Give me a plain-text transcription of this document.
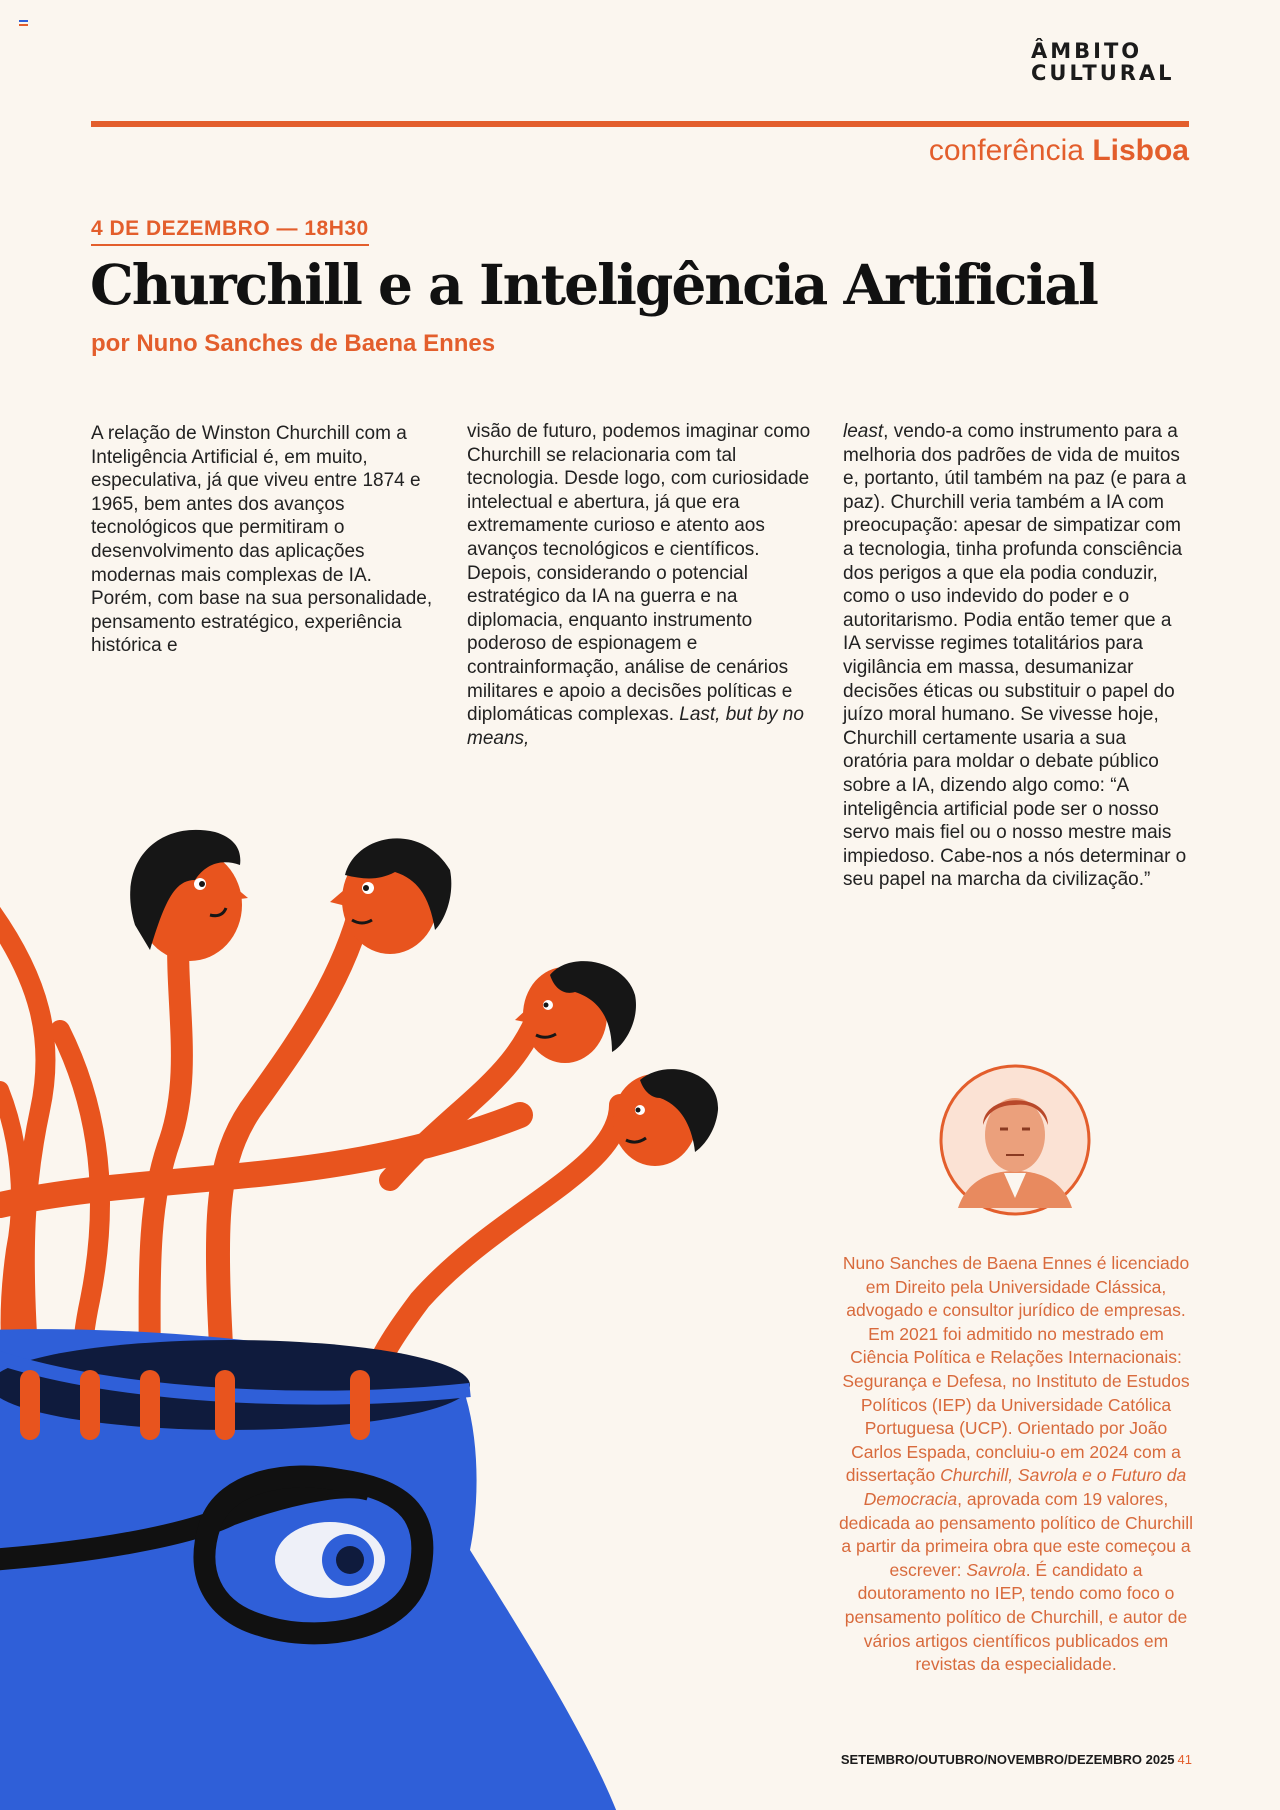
ÂMBITO
CULTURAL
conferência Lisboa
4 DE DEZEMBRO — 18H30
Churchill e a Inteligência Artificial
por Nuno Sanches de Baena Ennes
A relação de Winston Churchill com a Inteligência Artificial é, em muito, especulativa, já que viveu entre 1874 e 1965, bem antes dos avanços tecnológicos que permitiram o desenvolvimento das aplicações modernas mais complexas de IA. Porém, com base na sua personalidade, pensamento estratégico, experiência histórica e
visão de futuro, podemos imaginar como Churchill se relacionaria com tal tecnologia. Desde logo, com curiosidade intelectual e abertura, já que era extremamente curioso e atento aos avanços tecnológicos e científicos. Depois, considerando o potencial estratégico da IA na guerra e na diplomacia, enquanto instrumento poderoso de espionagem e contrainformação, análise de cenários militares e apoio a decisões políticas e diplomáticas complexas. Last, but by no means,
least, vendo-a como instrumento para a melhoria dos padrões de vida de muitos e, portanto, útil também na paz (e para a paz). Churchill veria também a IA com preocupação: apesar de simpatizar com a tecnologia, tinha profunda consciência dos perigos a que ela podia conduzir, como o uso indevido do poder e o autoritarismo. Podia então temer que a IA servisse regimes totalitários para vigilância em massa, desumanizar decisões éticas ou substituir o papel do juízo moral humano. Se vivesse hoje, Churchill certamente usaria a sua oratória para moldar o debate público sobre a IA, dizendo algo como: “A inteligência artificial pode ser o nosso servo mais fiel ou o nosso mestre mais impiedoso. Cabe-nos a nós determinar o seu papel na marcha da civilização.”
Nuno Sanches de Baena Ennes é licenciado em Direito pela Universidade Clássica, advogado e consultor jurídico de empresas. Em 2021 foi admitido no mestrado em Ciência Política e Relações Internacionais: Segurança e Defesa, no Instituto de Estudos Políticos (IEP) da Universidade Católica Portuguesa (UCP). Orientado por João Carlos Espada, concluiu-o em 2024 com a dissertação Churchill, Savrola e o Futuro da Democracia, aprovada com 19 valores, dedicada ao pensamento político de Churchill a partir da primeira obra que este começou a escrever: Savrola. É candidato a doutoramento no IEP, tendo como foco o pensamento político de Churchill, e autor de vários artigos científicos publicados em revistas da especialidade.
SETEMBRO/OUTUBRO/NOVEMBRO/DEZEMBRO 2025 41
